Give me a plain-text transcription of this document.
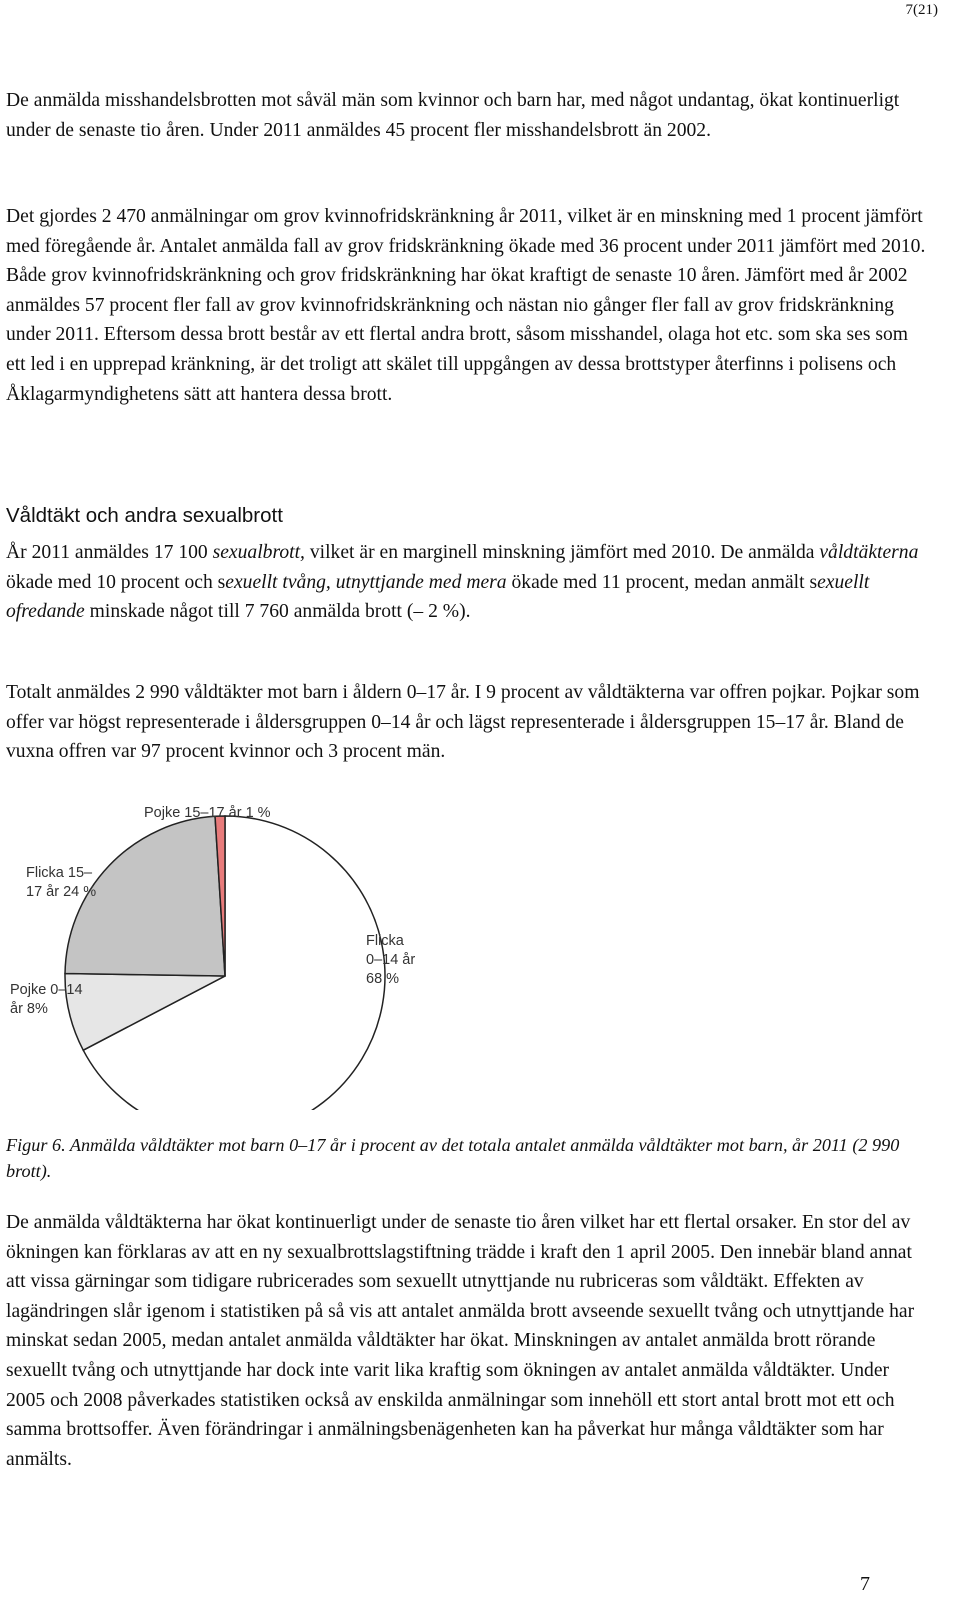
7(21)

De anmälda misshandelsbrotten mot såväl män som kvinnor och barn har, med något undantag, ökat kontinuerligt under de senaste tio åren. Under 2011 anmäldes 45 procent fler misshandelsbrott än 2002.

Det gjordes 2 470 anmälningar om grov kvinnofridskränkning år 2011, vilket är en minskning med 1 procent jämfört med föregående år. Antalet anmälda fall av grov fridskränkning ökade med 36 procent under 2011 jämfört med 2010. Både grov kvinnofridskränkning och grov fridskränkning har ökat kraftigt de senaste 10 åren. Jämfört med år 2002 anmäldes 57 procent fler fall av grov kvinnofridskränkning och nästan nio gånger fler fall av grov fridskränkning under 2011. Eftersom dessa brott består av ett flertal andra brott, såsom misshandel, olaga hot etc. som ska ses som ett led i en upprepad kränkning, är det troligt att skälet till uppgången av dessa brottstyper återfinns i polisens och Åklagarmyndighetens sätt att hantera dessa brott.

Våldtäkt och andra sexualbrott

År 2011 anmäldes 17 100 sexualbrott, vilket är en marginell minskning jämfört med 2010. De anmälda våldtäkterna ökade med 10 procent och sexuellt tvång, utnyttjande med mera ökade med 11 procent, medan anmält sexuellt ofredande minskade något till 7 760 anmälda brott (– 2 %).

Totalt anmäldes 2 990 våldtäkter mot barn i åldern 0–17 år. I 9 procent av våldtäkterna var offren pojkar. Pojkar som offer var högst representerade i åldersgruppen 0–14 år och lägst representerade i åldersgruppen 15–17 år. Bland de vuxna offren var 97 procent kvinnor och 3 procent män.

Flicka 0–14 år 68 %
Pojke 0–14 år 8%
Flicka 15– 17 år 24 %
Pojke 15–17 år 1 %

Figur 6. Anmälda våldtäkter mot barn 0–17 år i procent av det totala antalet anmälda våldtäkter mot barn, år 2011 (2 990 brott).

De anmälda våldtäkterna har ökat kontinuerligt under de senaste tio åren vilket har ett flertal orsaker. En stor del av ökningen kan förklaras av att en ny sexualbrottslagstiftning trädde i kraft den 1 april 2005. Den innebär bland annat att vissa gärningar som tidigare rubricerades som sexuellt utnyttjande nu rubriceras som våldtäkt. Effekten av lagändringen slår igenom i statistiken på så vis att antalet anmälda brott avseende sexuellt tvång och utnyttjande har minskat sedan 2005, medan antalet anmälda våldtäkter har ökat. Minskningen av antalet anmälda brott rörande sexuellt tvång och utnyttjande har dock inte varit lika kraftig som ökningen av antalet anmälda våldtäkter. Under 2005 och 2008 påverkades statistiken också av enskilda anmälningar som innehöll ett stort antal brott mot ett och samma brottsoffer. Även förändringar i anmälningsbenägenheten kan ha påverkat hur många våldtäkter som har anmälts.

7
